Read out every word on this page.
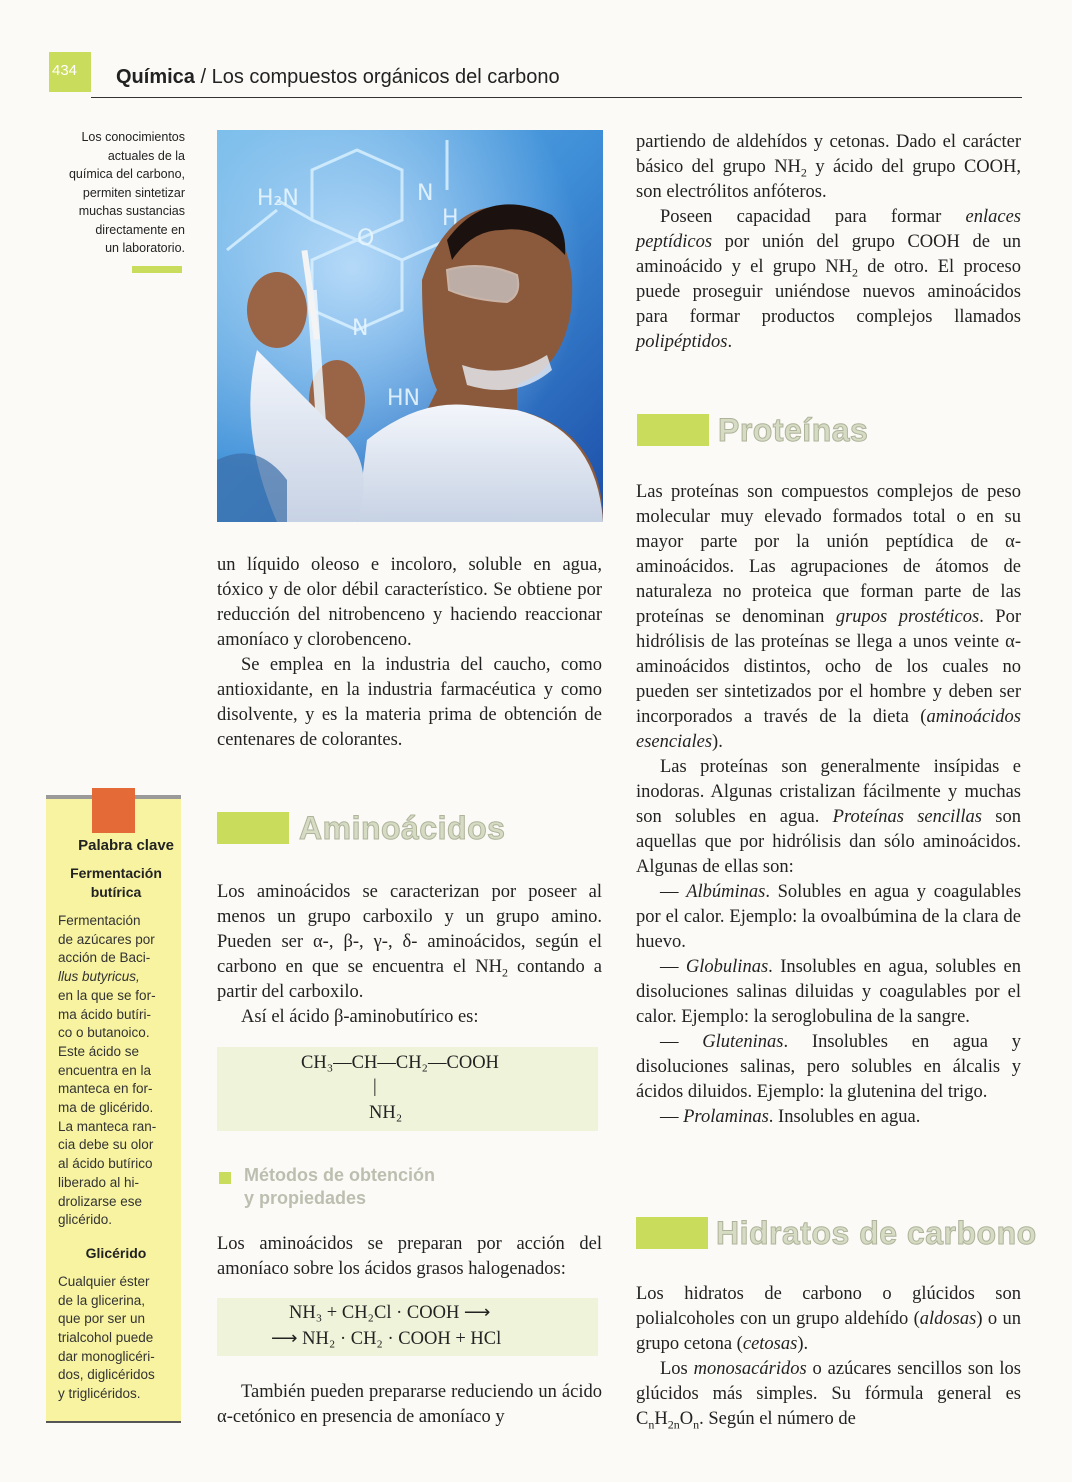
434 Química / Los compuestos orgánicos del carbono
Los conocimientos
actuales de la
química del carbono,
permiten sintetizar
muchas sustancias
directamente en
un laboratorio.
H₂N	N
H
O
N
HN

un líquido oleoso e incoloro, soluble en agua, tóxico y de olor débil característico. Se obtiene por reducción del nitrobenceno y haciendo reaccionar amoníaco y clorobenceno.

Se emplea en la industria del caucho, como antioxidante, en la industria farmacéutica y como disolvente, y es la materia prima de obtención de centenares de colorantes.

Aminoácidos

Los aminoácidos se caracterizan por poseer al menos un grupo carboxilo y un grupo amino. Pueden ser α-, β-, γ-, δ- aminoácidos, según el carbono en que se encuentra el $NH_2$ contando a partir del carboxilo.

Así el ácido β-aminobutírico es:

CH₃—CH—CH₂—COOH
|
NH₂
Métodos de obtención
y propiedades

Los aminoácidos se preparan por acción del amoníaco sobre los ácidos grasos halogenados:

NH₃ + CH₂Cl · COOH ⟶
⟶ NH₂ · CH₂ · COOH + HCl

También pueden prepararse reduciendo un ácido α-cetónico en presencia de amoníaco y

partiendo de aldehídos y cetonas. Dado el carácter básico del grupo $NH_2$ y ácido del grupo COOH, son electrólitos anfóteros.

Poseen capacidad para formar enlaces peptídicos por unión del grupo COOH de un aminoácido y el grupo $NH_2$ de otro. El proceso puede proseguir uniéndose nuevos aminoácidos para formar productos complejos llamados polipéptidos.

Proteínas

Las proteínas son compuestos complejos de peso molecular muy elevado formados total o en su mayor parte por la unión peptídica de α-aminoácidos. Las agrupaciones de átomos de naturaleza no proteica que forman parte de las proteínas se denominan grupos prostéticos. Por hidrólisis de las proteínas se llega a unos veinte α-aminoácidos distintos, ocho de los cuales no pueden ser sintetizados por el hombre y deben ser incorporados a través de la dieta (aminoácidos esenciales).

Las proteínas son generalmente insípidas e inodoras. Algunas cristalizan fácilmente y muchas son solubles en agua. Proteínas sencillas son aquellas que por hidrólisis dan sólo aminoácidos. Algunas de ellas son:

— Albúminas. Solubles en agua y coagulables por el calor. Ejemplo: la ovoalbúmina de la clara de huevo.

— Globulinas. Insolubles en agua, solubles en disoluciones salinas diluidas y coagulables por el calor. Ejemplo: la seroglobulina de la sangre.

— Gluteninas. Insolubles en agua y disoluciones salinas, pero solubles en álcalis y ácidos diluidos. Ejemplo: la glutenina del trigo.

— Prolaminas. Insolubles en agua.

Hidratos de carbono

Los hidratos de carbono o glúcidos son polialcoholes con un grupo aldehído (aldosas) o un grupo cetona (cetosas).

Los monosacáridos o azúcares sencillos son los glúcidos más simples. Su fórmula general es $C_nH_{2n}O_n$. Según el número de

Palabra clave
Fermentación butírica
Fermentación
de azúcares por
acción de Baci-
llus butyricus,
en la que se for-
ma ácido butíri-
co o butanoico.
Este ácido se
encuentra en la
manteca en for-
ma de glicérido.
La manteca ran-
cia debe su olor
al ácido butírico
liberado al hi-
drolizarse ese
glicérido.
Glicérido
Cualquier éster
de la glicerina,
que por ser un
trialcohol puede
dar monoglicéri-
dos, diglicéridos
y triglicéridos.
